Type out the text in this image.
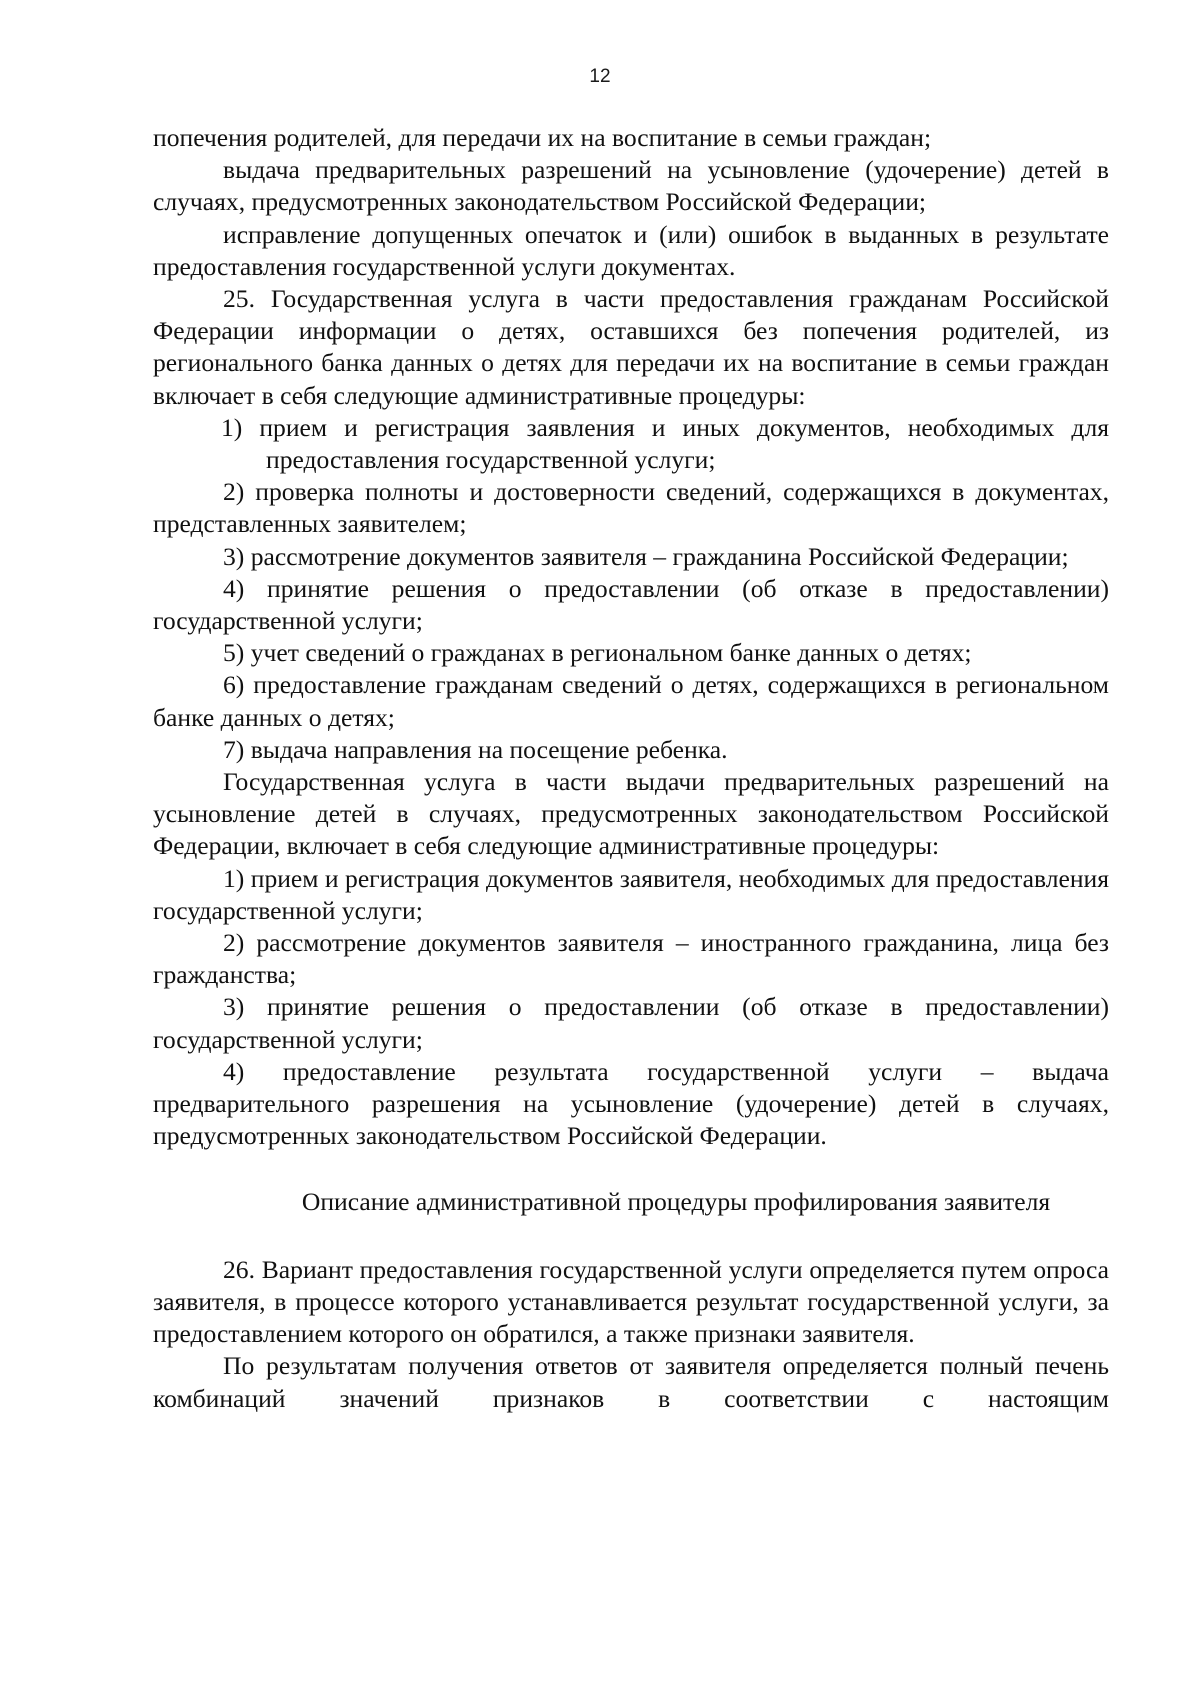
12

попечения родителей, для передачи их на воспитание в семьи граждан;

выдача предварительных разрешений на усыновление (удочерение) детей в случаях, предусмотренных законодательством Российской Федерации;

исправление допущенных опечаток и (или) ошибок в выданных в результате предоставления государственной услуги документах.

25. Государственная услуга в части предоставления гражданам Российской Федерации информации о детях, оставшихся без попечения родителей, из регионального банка данных о детях для передачи их на воспитание в семьи граждан включает в себя следующие административные процедуры:

1) прием и регистрация заявления и иных документов, необходимых для предоставления государственной услуги;

2) проверка полноты и достоверности сведений, содержащихся в документах, представленных заявителем;

3) рассмотрение документов заявителя – гражданина Российской Федерации;

4) принятие решения о предоставлении (об отказе в предоставлении) государственной услуги;

5) учет сведений о гражданах в региональном банке данных о детях;

6) предоставление гражданам сведений о детях, содержащихся в региональном банке данных о детях;

7) выдача направления на посещение ребенка.

Государственная услуга в части выдачи предварительных разрешений на усыновление детей в случаях, предусмотренных законодательством Российской Федерации, включает в себя следующие административные процедуры:

1) прием и регистрация документов заявителя, необходимых для предоставления государственной услуги;

2) рассмотрение документов заявителя – иностранного гражданина, лица без гражданства;

3) принятие решения о предоставлении (об отказе в предоставлении) государственной услуги;

4) предоставление результата государственной услуги – выдача предварительного разрешения на усыновление (удочерение) детей в случаях, предусмотренных законодательством Российской Федерации.

Описание административной процедуры профилирования заявителя

26. Вариант предоставления государственной услуги определяется путем опроса заявителя, в процессе которого устанавливается результат государственной услуги, за предоставлением которого он обратился, а также признаки заявителя.

По результатам получения ответов от заявителя определяется полный печень комбинаций значений признаков в соответствии с настоящим
